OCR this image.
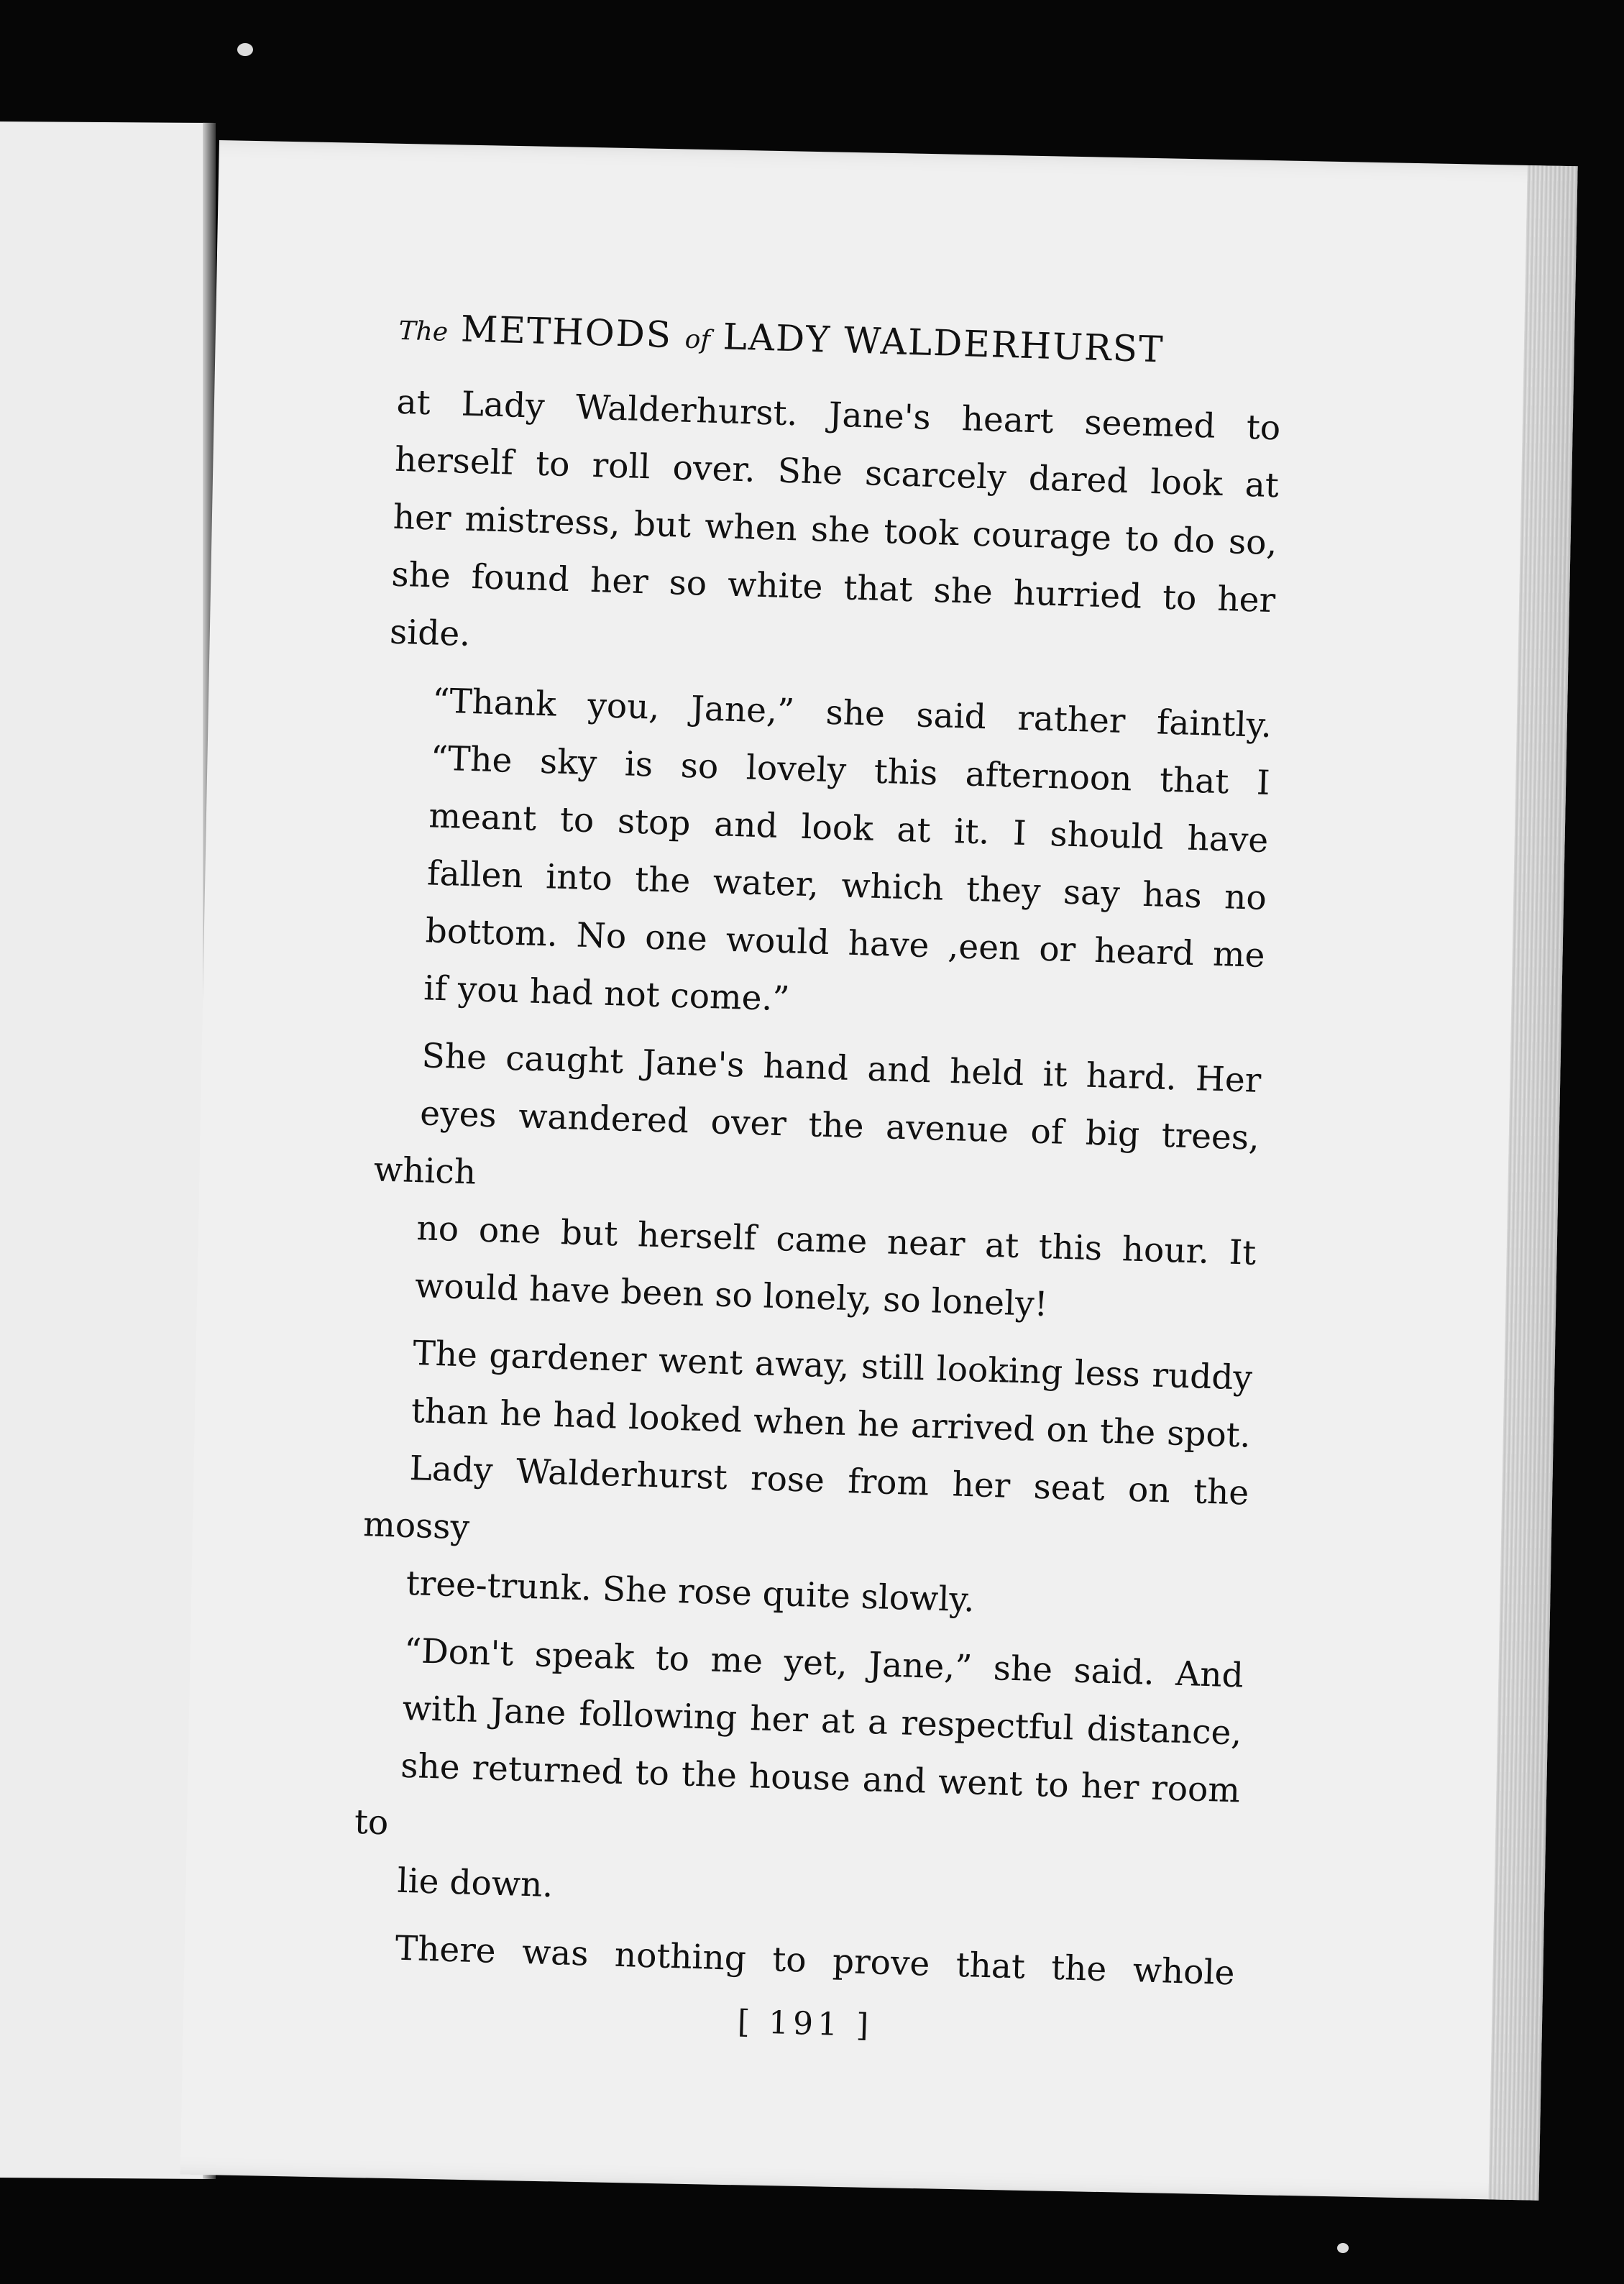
The METHODS of LADY WALDERHURST

at Lady Walderhurst. Jane's heart seemed to
herself to roll over. She scarcely dared look at
her mistress, but when she took courage to do so,
she found her so white that she hurried to her
side.

“Thank you, Jane,” she said rather faintly.
“The sky is so lovely this afternoon that I
meant to stop and look at it. I should have
fallen into the water, which they say has no
bottom. No one would have ,een or heard me
if you had not come.”

She caught Jane's hand and held it hard. Her
eyes wandered over the avenue of big trees, which
no one but herself came near at this hour. It
would have been so lonely, so lonely!

The gardener went away, still looking less ruddy
than he had looked when he arrived on the spot.
Lady Walderhurst rose from her seat on the mossy
tree-trunk. She rose quite slowly.

“Don't speak to me yet, Jane,” she said. And
with Jane following her at a respectful distance,
she returned to the house and went to her room to
lie down.

There was nothing to prove that the whole

[ 191 ]
